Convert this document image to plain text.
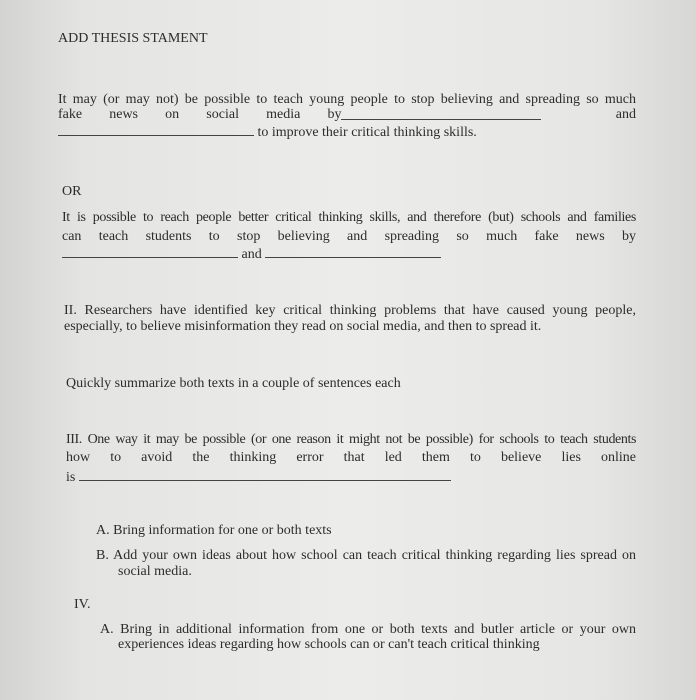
ADD THESIS STAMENT
It may (or may not) be possible to teach young people to stop believing and spreading so much
fake news on social media by	and
to improve their critical thinking skills.
OR
It is possible to reach people better critical thinking skills, and therefore (but) schools and families
can teach students to stop believing and spreading so much fake news by
and
II. Researchers have identified key critical thinking problems that have caused young people,
especially, to believe misinformation they read on social media, and then to spread it.
Quickly summarize both texts in a couple of sentences each
III. One way it may be possible (or one reason it might not be possible) for schools to teach students
how to avoid the thinking error that led them to believe lies online
is
A. Bring information for one or both texts
B. Add your own ideas about how school can teach critical thinking regarding lies spread on
social media.
IV.
A. Bring in additional information from one or both texts and butler article or your own
experiences ideas regarding how schools can or can't teach critical thinking
